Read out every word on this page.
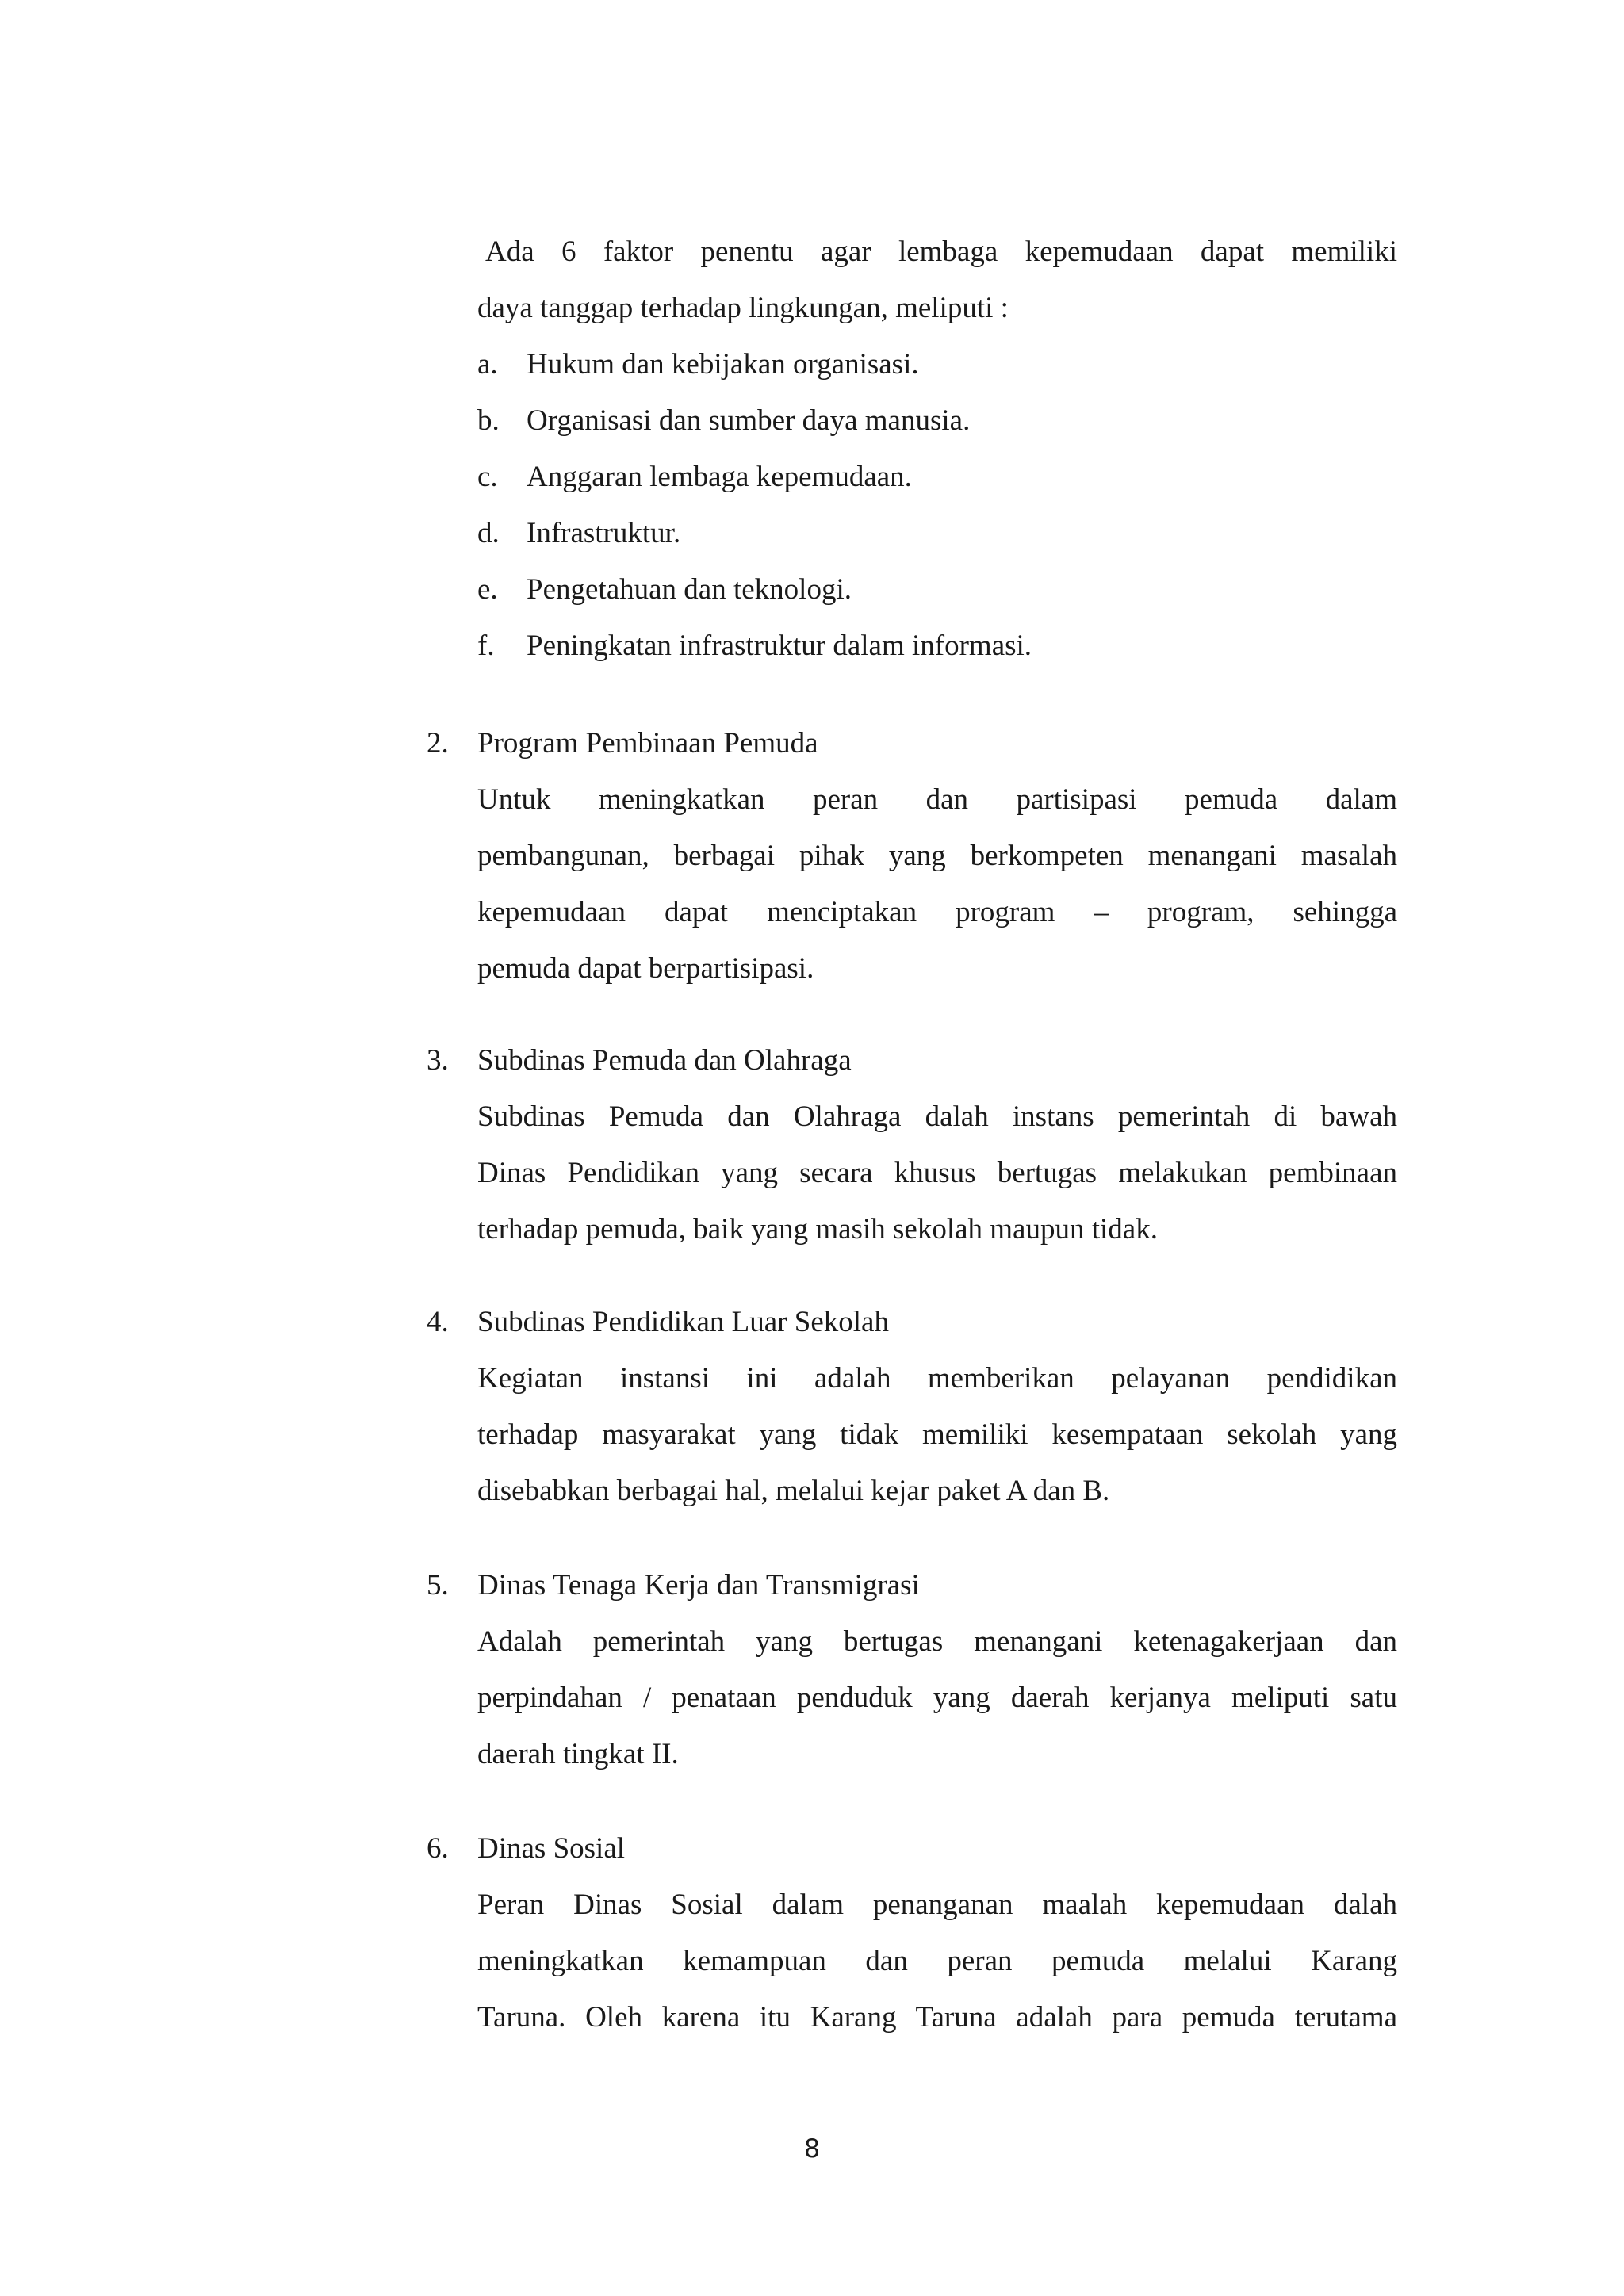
Ada 6 faktor penentu agar lembaga kepemudaan dapat memiliki
daya tanggap terhadap lingkungan, meliputi :
a. Hukum dan kebijakan organisasi.
b. Organisasi dan sumber daya manusia.
c. Anggaran lembaga kepemudaan.
d. Infrastruktur.
e. Pengetahuan dan teknologi.
f. Peningkatan infrastruktur dalam informasi.
2. Program Pembinaan Pemuda
Untuk meningkatkan peran dan partisipasi pemuda dalam
pembangunan, berbagai pihak yang berkompeten menangani masalah
kepemudaan dapat menciptakan program – program, sehingga
pemuda dapat berpartisipasi.
3. Subdinas Pemuda dan Olahraga
Subdinas Pemuda dan Olahraga dalah instans pemerintah di bawah
Dinas Pendidikan yang secara khusus bertugas melakukan pembinaan
terhadap pemuda, baik yang masih sekolah maupun tidak.
4. Subdinas Pendidikan Luar Sekolah
Kegiatan instansi ini adalah memberikan pelayanan pendidikan
terhadap masyarakat yang tidak memiliki kesempataan sekolah yang
disebabkan berbagai hal, melalui kejar paket A dan B.
5. Dinas Tenaga Kerja dan Transmigrasi
Adalah pemerintah yang bertugas menangani ketenagakerjaan dan
perpindahan / penataan penduduk yang daerah kerjanya meliputi satu
daerah tingkat II.
6. Dinas Sosial
Peran Dinas Sosial dalam penanganan maalah kepemudaan dalah
meningkatkan kemampuan dan peran pemuda melalui Karang
Taruna. Oleh karena itu Karang Taruna adalah para pemuda terutama
8
